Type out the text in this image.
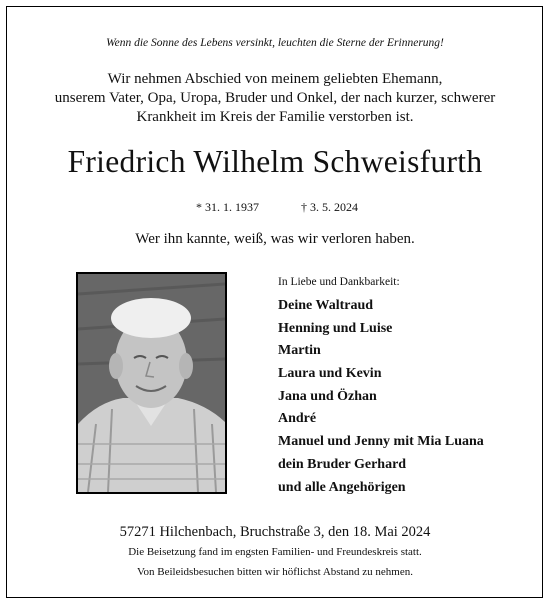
Wenn die Sonne des Lebens versinkt, leuchten die Sterne der Erinnerung!
Wir nehmen Abschied von meinem geliebten Ehemann,
unserem Vater, Opa, Uropa, Bruder und Onkel, der nach kurzer, schwerer
Krankheit im Kreis der Familie verstorben ist.
Friedrich Wilhelm Schweisfurth
* 31. 1. 1937	† 3. 5. 2024
Wer ihn kannte, weiß, was wir verloren haben.
In Liebe und Dankbarkeit:
Deine Waltraud
Henning und Luise
Martin
Laura und Kevin
Jana und Özhan
André
Manuel und Jenny mit Mia Luana
dein Bruder Gerhard
und alle Angehörigen
57271 Hilchenbach, Bruchstraße 3, den 18. Mai 2024
Die Beisetzung fand im engsten Familien- und Freundeskreis statt.
Von Beileidsbesuchen bitten wir höflichst Abstand zu nehmen.
